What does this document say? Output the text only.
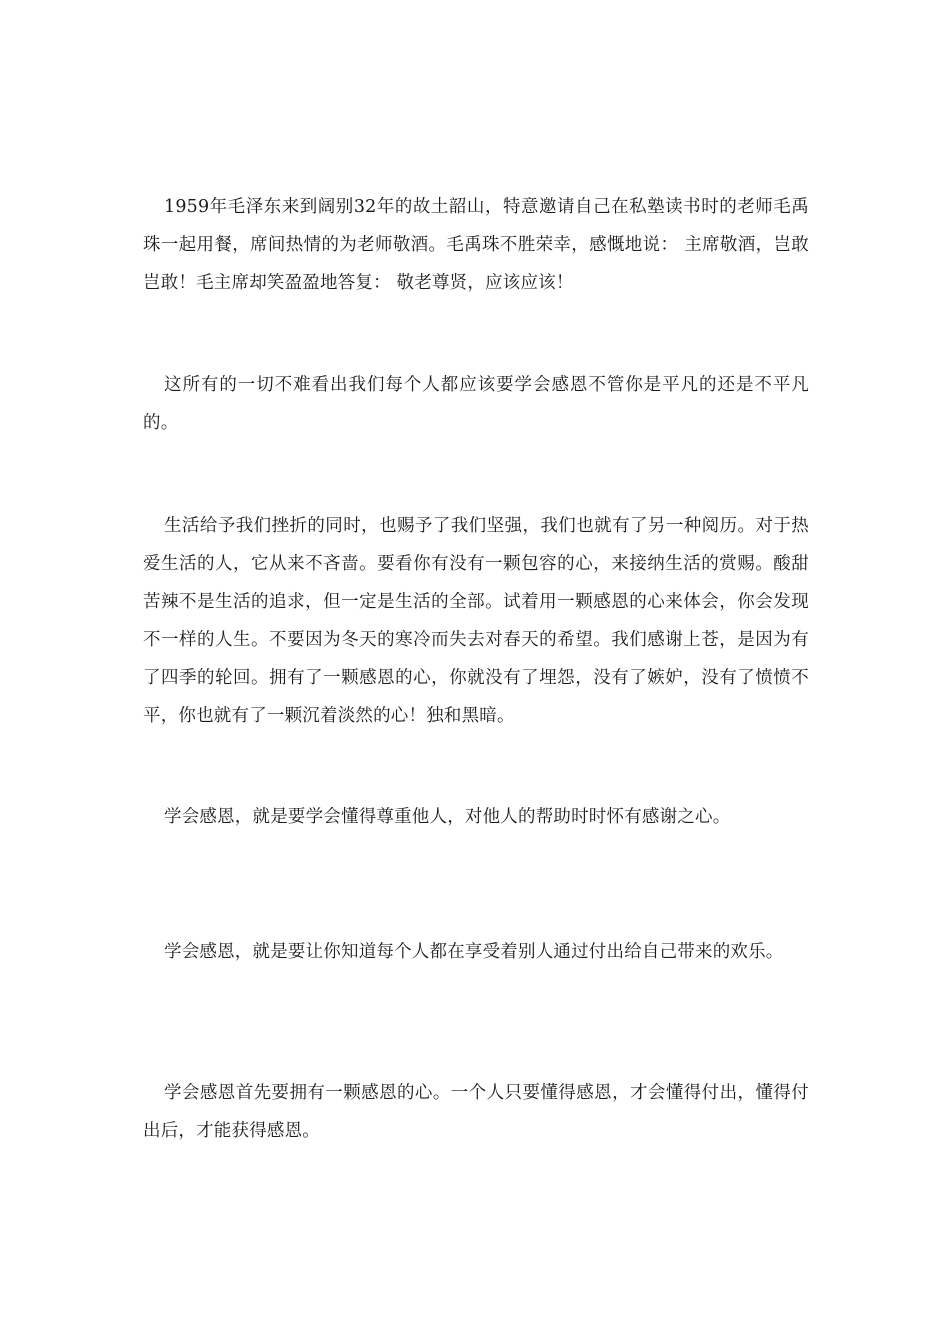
1959年毛泽东来到阔别32年的故土韶山，特意邀请自己在私塾读书时的老师毛禹珠一起用餐，席间热情的为老师敬酒。毛禹珠不胜荣幸，感慨地说： 主席敬酒，岂敢岂敢！毛主席却笑盈盈地答复： 敬老尊贤，应该应该！

这所有的一切不难看出我们每个人都应该要学会感恩不管你是平凡的还是不平凡的。

生活给予我们挫折的同时，也赐予了我们坚强，我们也就有了另一种阅历。对于热爱生活的人，它从来不吝啬。要看你有没有一颗包容的心，来接纳生活的赏赐。酸甜苦辣不是生活的追求，但一定是生活的全部。试着用一颗感恩的心来体会，你会发现不一样的人生。不要因为冬天的寒冷而失去对春天的希望。我们感谢上苍，是因为有了四季的轮回。拥有了一颗感恩的心，你就没有了埋怨，没有了嫉妒，没有了愤愤不平，你也就有了一颗沉着淡然的心！独和黑暗。

学会感恩，就是要学会懂得尊重他人，对他人的帮助时时怀有感谢之心。

学会感恩，就是要让你知道每个人都在享受着别人通过付出给自己带来的欢乐。

学会感恩首先要拥有一颗感恩的心。一个人只要懂得感恩，才会懂得付出，懂得付出后，才能获得感恩。
